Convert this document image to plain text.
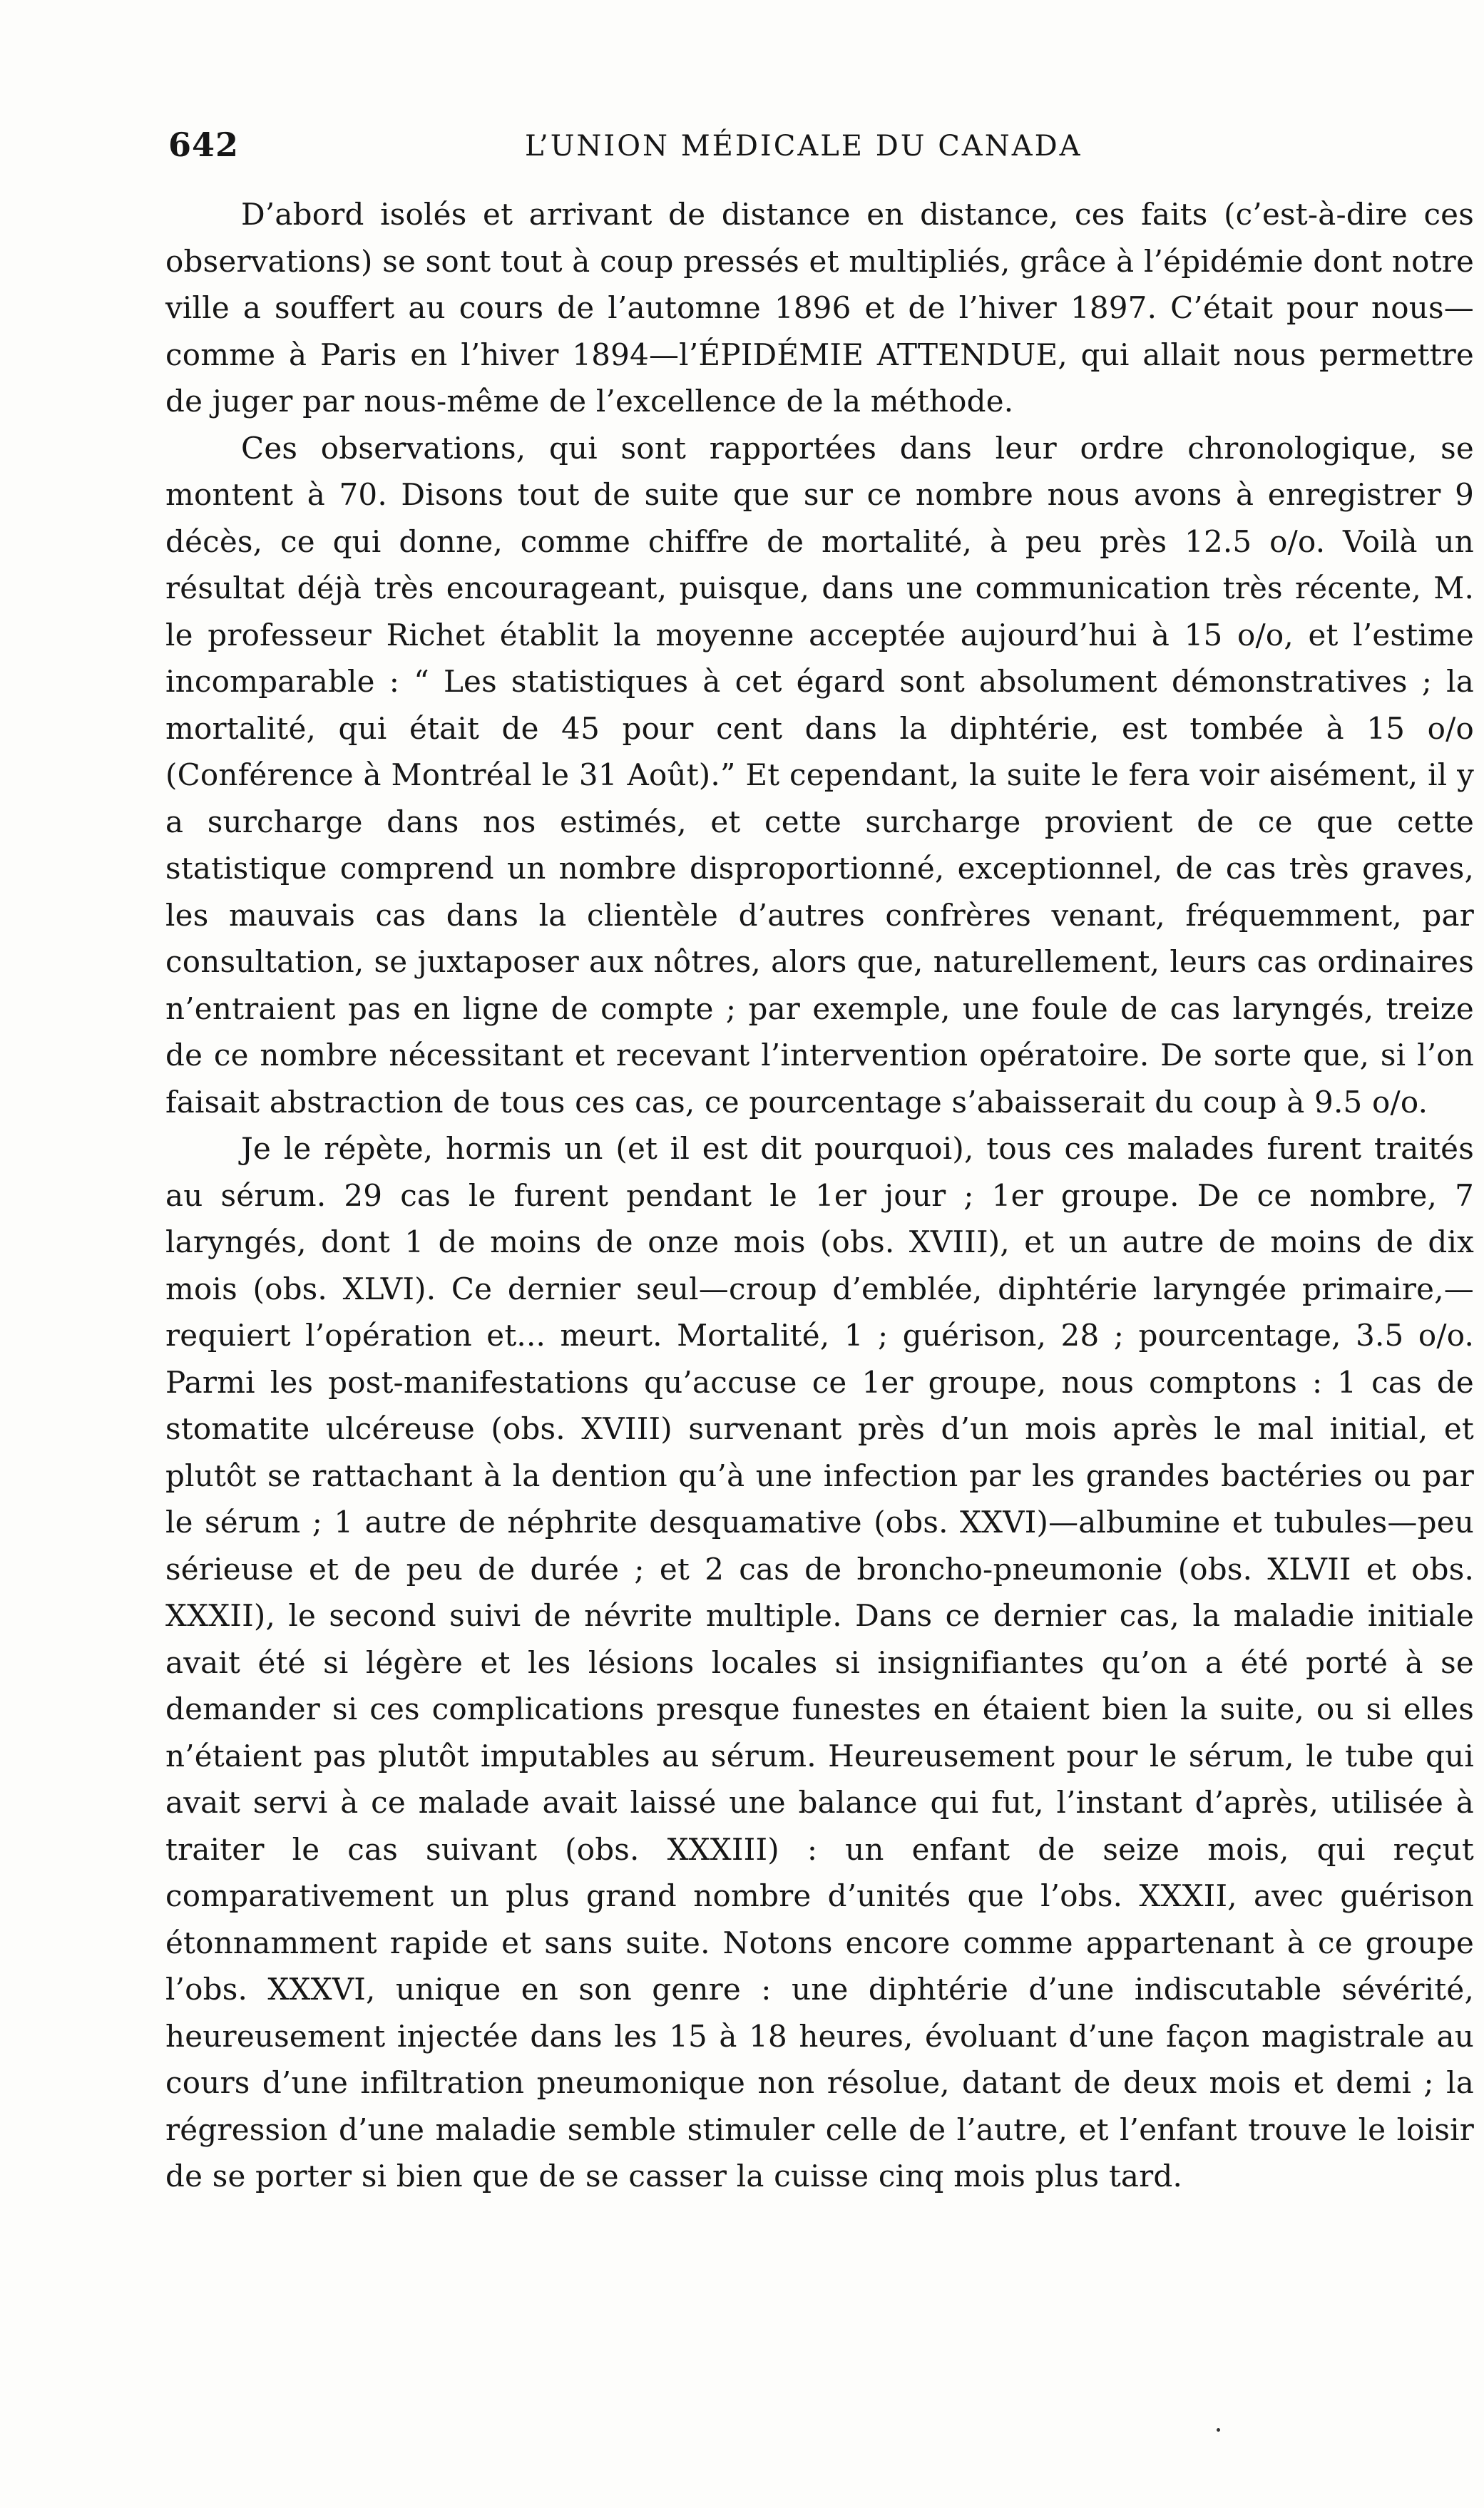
642	L’UNION MÉDICALE DU CANADA

D’abord isolés et arrivant de distance en distance, ces faits (c’est-à-dire ces observations) se sont tout à coup pressés et multipliés, grâce à l’épidémie dont notre ville a souffert au cours de l’automne 1896 et de l’hiver 1897. C’était pour nous—comme à Paris en l’hiver 1894—l’ÉPIDÉMIE ATTENDUE, qui allait nous permettre de juger par nous-même de l’excellence de la méthode.

Ces observations, qui sont rapportées dans leur ordre chronologique, se montent à 70. Disons tout de suite que sur ce nombre nous avons à enregistrer 9 décès, ce qui donne, comme chiffre de mortalité, à peu près 12.5 o/o. Voilà un résultat déjà très encourageant, puisque, dans une communication très récente, M. le professeur Richet établit la moyenne acceptée aujourd’hui à 15 o/o, et l’estime incomparable : “ Les statistiques à cet égard sont absolument démonstratives ; la mortalité, qui était de 45 pour cent dans la diphtérie, est tombée à 15 o/o (Conférence à Montréal le 31 Août).” Et cependant, la suite le fera voir aisément, il y a surcharge dans nos estimés, et cette surcharge provient de ce que cette statistique comprend un nombre disproportionné, exceptionnel, de cas très graves, les mauvais cas dans la clientèle d’autres confrères venant, fréquemment, par consultation, se juxtaposer aux nôtres, alors que, naturellement, leurs cas ordinaires n’entraient pas en ligne de compte ; par exemple, une foule de cas laryngés, treize de ce nombre nécessitant et recevant l’intervention opératoire. De sorte que, si l’on faisait abstraction de tous ces cas, ce pourcentage s’abaisserait du coup à 9.5 o/o.

Je le répète, hormis un (et il est dit pourquoi), tous ces malades furent traités au sérum. 29 cas le furent pendant le 1er jour ; 1er groupe. De ce nombre, 7 laryngés, dont 1 de moins de onze mois (obs. XVIII), et un autre de moins de dix mois (obs. XLVI). Ce dernier seul—croup d’emblée, diphtérie laryngée primaire,—requiert l’opération et... meurt. Mortalité, 1 ; guérison, 28 ; pourcentage, 3.5 o/o. Parmi les post-manifestations qu’accuse ce 1er groupe, nous comptons : 1 cas de stomatite ulcéreuse (obs. XVIII) survenant près d’un mois après le mal initial, et plutôt se rattachant à la dention qu’à une infection par les grandes bactéries ou par le sérum ; 1 autre de néphrite desquamative (obs. XXVI)—albumine et tubules—peu sérieuse et de peu de durée ; et 2 cas de broncho-pneumonie (obs. XLVII et obs. XXXII), le second suivi de névrite multiple. Dans ce dernier cas, la maladie initiale avait été si légère et les lésions locales si insignifiantes qu’on a été porté à se demander si ces complications presque funestes en étaient bien la suite, ou si elles n’étaient pas plutôt imputables au sérum. Heureusement pour le sérum, le tube qui avait servi à ce malade avait laissé une balance qui fut, l’instant d’après, utilisée à traiter le cas suivant (obs. XXXIII) : un enfant de seize mois, qui reçut comparativement un plus grand nombre d’unités que l’obs. XXXII, avec guérison étonnamment rapide et sans suite. Notons encore comme appartenant à ce groupe l’obs. XXXVI, unique en son genre : une diphtérie d’une indiscutable sévérité, heureusement injectée dans les 15 à 18 heures, évoluant d’une façon magistrale au cours d’une infiltration pneumonique non résolue, datant de deux mois et demi ; la régression d’une maladie semble stimuler celle de l’autre, et l’enfant trouve le loisir de se porter si bien que de se casser la cuisse cinq mois plus tard.
